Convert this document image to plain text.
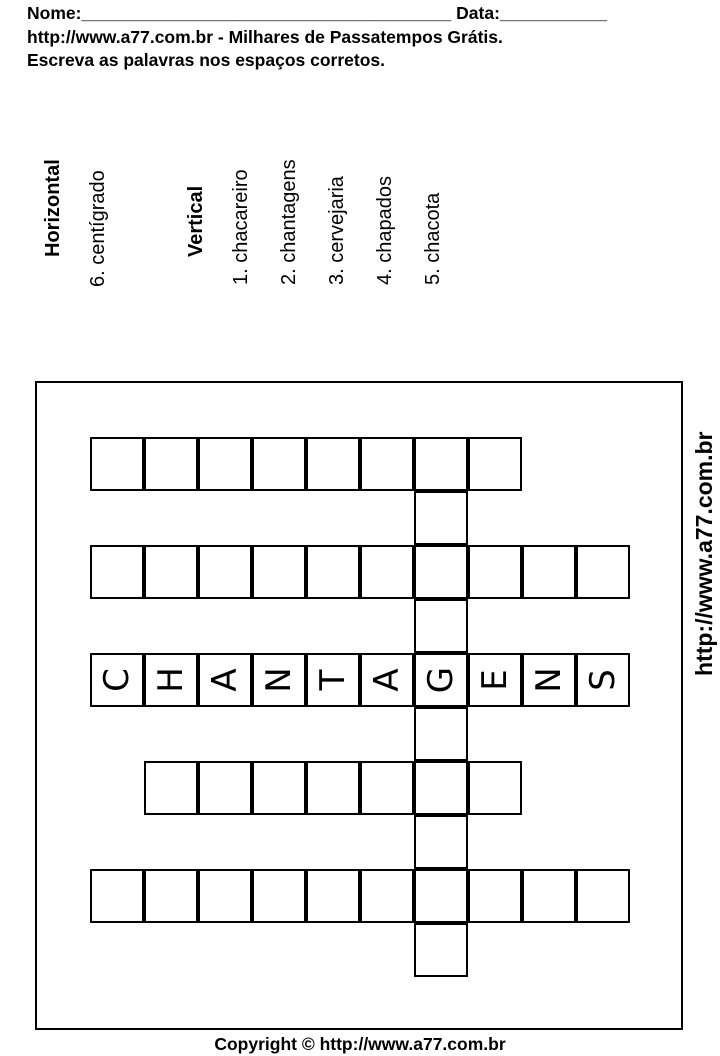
Nome:______________________________________ Data:___________
http://www.a77.com.br - Milhares de Passatempos Grátis.
Escreva as palavras nos espaços corretos.
Horizontal 6. centígrado	Vertical 1. chacareiro 2. chantagens 3. cervejaria 4. chapados 5. chacota
C H A N T A G E N S
http://www.a77.com.br
Copyright © http://www.a77.com.br
